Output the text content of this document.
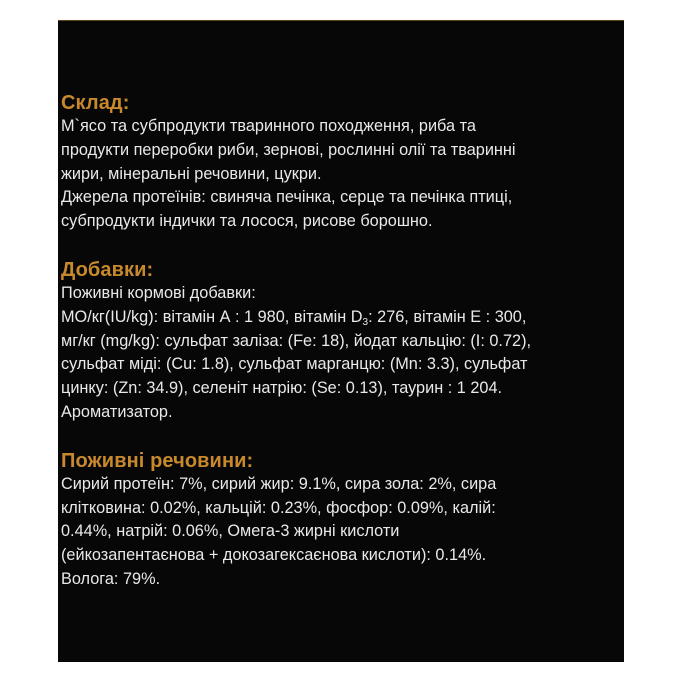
Склад:

М`ясо та субпродукти тваринного походження, риба та
продукти переробки риби, зернові, рослинні олії та тваринні
жири, мінеральні речовини, цукри.
Джерела протеїнів: свиняча печінка, серце та печінка птиці,
субпродукти індички та лосося, рисове борошно.

Добавки:

Поживні кормові добавки:
МО/кг(IU/kg): вітамін А : 1 980, вітамін $D_3$: 276, вітамін Е : 300,
мг/кг (mg/kg): сульфат заліза: (Fe: 18), йодат кальцію: (I: 0.72),
сульфат міді: (Cu: 1.8), сульфат марганцю: (Mn: 3.3), сульфат
цинку: (Zn: 34.9), селеніт натрію: (Se: 0.13), таурин : 1 204.
Ароматизатор.

Поживні речовини:

Сирий протеїн: 7%, сирий жир: 9.1%, сира зола: 2%, сира
клітковина: 0.02%, кальцій: 0.23%, фосфор: 0.09%, калій:
0.44%, натрій: 0.06%, Омега-3 жирні кислоти
(ейкозапентаєнова + докозагексаєнова кислоти): 0.14%.
Волога: 79%.
